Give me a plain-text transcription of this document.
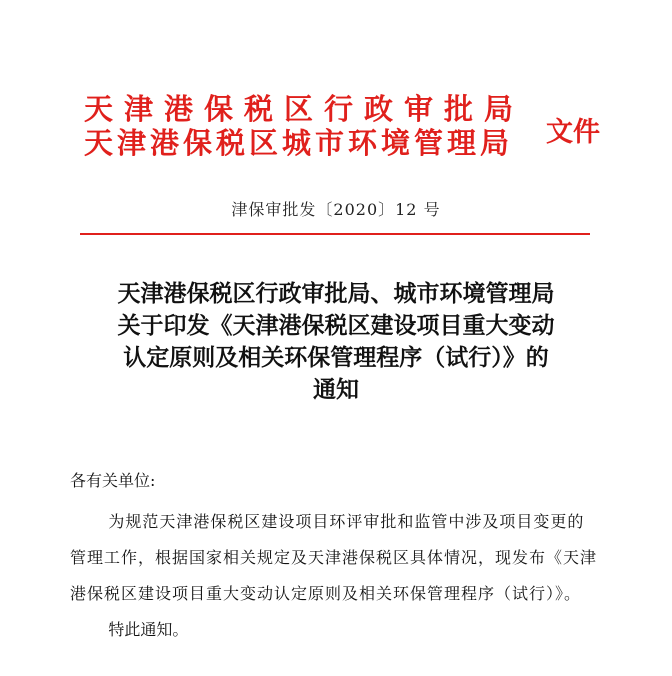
天津港保税区行政审批局
天津港保税区城市环境管理局 文件
津保审批发〔2020〕12 号
天津港保税区行政审批局、城市环境管理局
关于印发《天津港保税区建设项目重大变动
认定原则及相关环保管理程序（试行）》的
通知

各有关单位:

为规范天津港保税区建设项目环评审批和监管中涉及项目变更的管理工作，根据国家相关规定及天津港保税区具体情况，现发布《天津港保税区建设项目重大变动认定原则及相关环保管理程序（试行）》。

特此通知。
